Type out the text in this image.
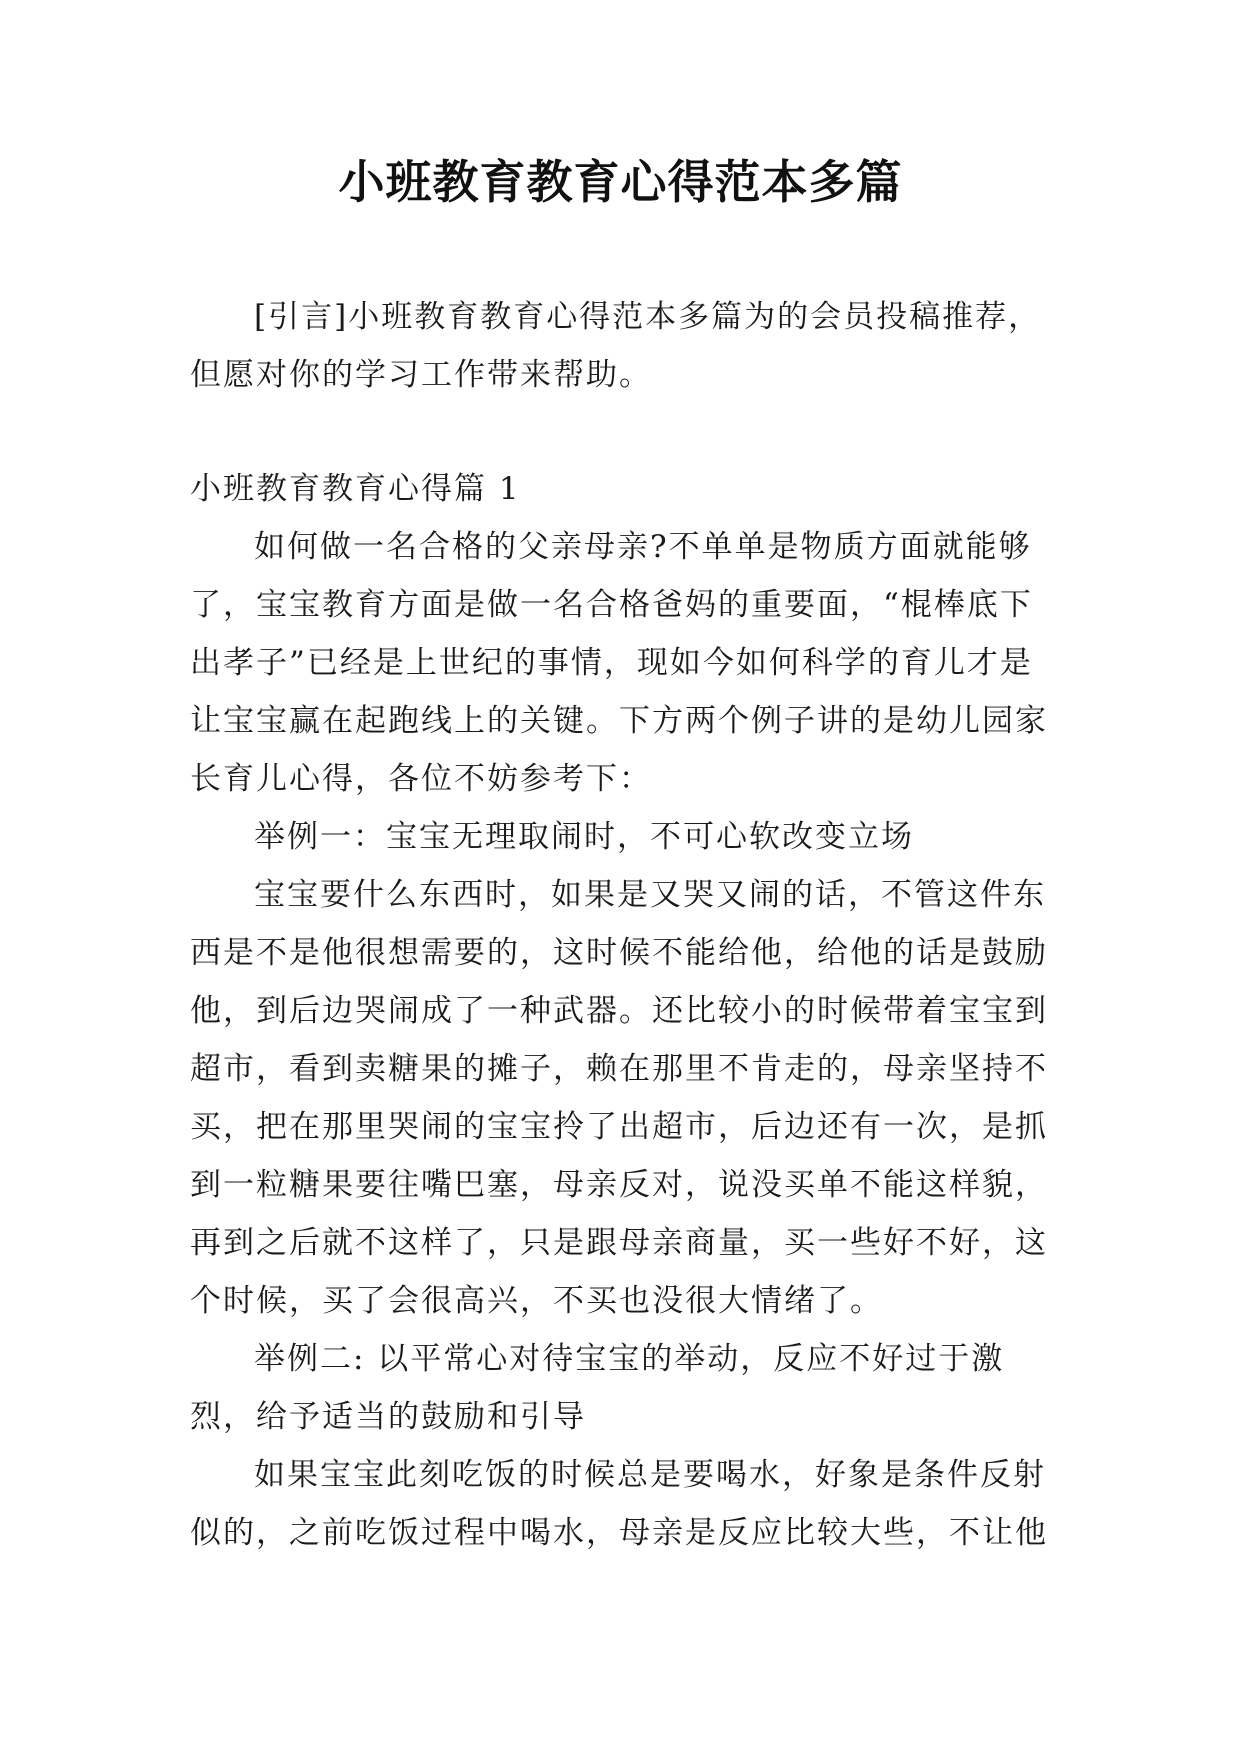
小班教育教育心得范本多篇

[引言]小班教育教育心得范本多篇为的会员投稿推荐，但愿对你的学习工作带来帮助。

小班教育教育心得篇 1

如何做一名合格的父亲母亲?不单单是物质方面就能够了，宝宝教育方面是做一名合格爸妈的重要面，“棍棒底下出孝子”已经是上世纪的事情，现如今如何科学的育儿才是让宝宝赢在起跑线上的关键。下方两个例子讲的是幼儿园家长育儿心得，各位不妨参考下：

举例一：宝宝无理取闹时，不可心软改变立场

宝宝要什么东西时，如果是又哭又闹的话，不管这件东西是不是他很想需要的，这时候不能给他，给他的话是鼓励他，到后边哭闹成了一种武器。还比较小的时候带着宝宝到超市，看到卖糖果的摊子，赖在那里不肯走的，母亲坚持不买，把在那里哭闹的宝宝拎了出超市，后边还有一次，是抓到一粒糖果要往嘴巴塞，母亲反对，说没买单不能这样貌，再到之后就不这样了，只是跟母亲商量，买一些好不好，这个时候，买了会很高兴，不买也没很大情绪了。

举例二: 以平常心对待宝宝的举动，反应不好过于激烈，给予适当的鼓励和引导

如果宝宝此刻吃饭的时候总是要喝水，好象是条件反射似的，之前吃饭过程中喝水，母亲是反应比较大些，不让他
